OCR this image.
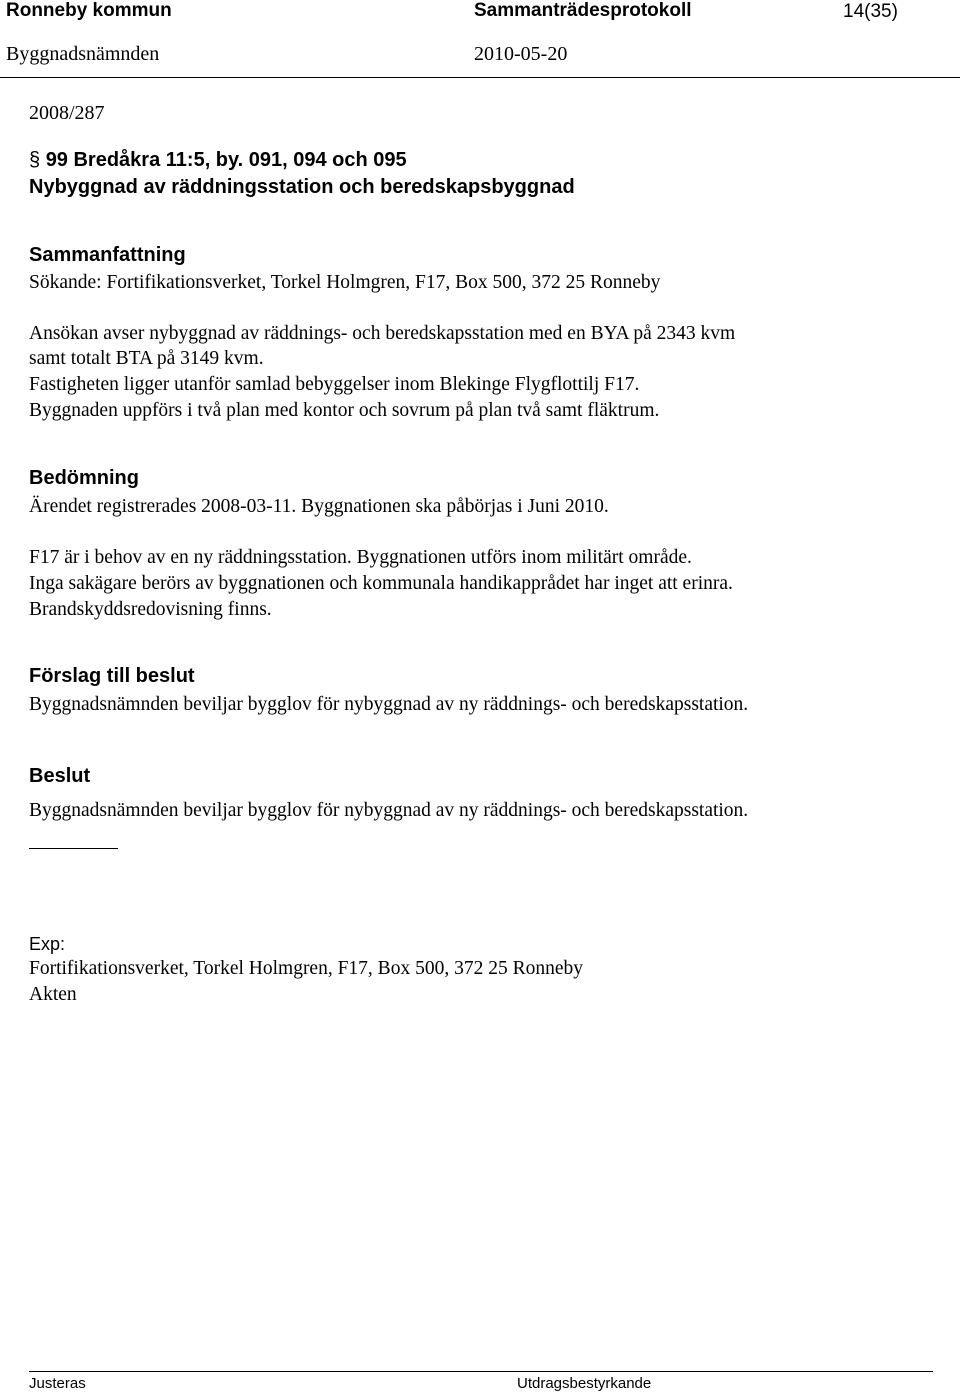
Ronneby kommun	Sammanträdesprotokoll	14(35)
Byggnadsnämnden	2010-05-20
2008/287
§ 99 Bredåkra 11:5, by. 091, 094 och 095
Nybyggnad av räddningsstation och beredskapsbyggnad
Sammanfattning
Sökande: Fortifikationsverket, Torkel Holmgren, F17, Box 500, 372 25 Ronneby
Ansökan avser nybyggnad av räddnings- och beredskapsstation med en BYA på 2343 kvm
samt totalt BTA på 3149 kvm.
Fastigheten ligger utanför samlad bebyggelser inom Blekinge Flygflottilj F17.
Byggnaden uppförs i två plan med kontor och sovrum på plan två samt fläktrum.
Bedömning
Ärendet registrerades 2008-03-11. Byggnationen ska påbörjas i Juni 2010.
F17 är i behov av en ny räddningsstation. Byggnationen utförs inom militärt område.
Inga sakägare berörs av byggnationen och kommunala handikapprådet har inget att erinra.
Brandskyddsredovisning finns.
Förslag till beslut
Byggnadsnämnden beviljar bygglov för nybyggnad av ny räddnings- och beredskapsstation.
Beslut
Byggnadsnämnden beviljar bygglov för nybyggnad av ny räddnings- och beredskapsstation.
Exp:
Fortifikationsverket, Torkel Holmgren, F17, Box 500, 372 25 Ronneby
Akten
Justeras	Utdragsbestyrkande
